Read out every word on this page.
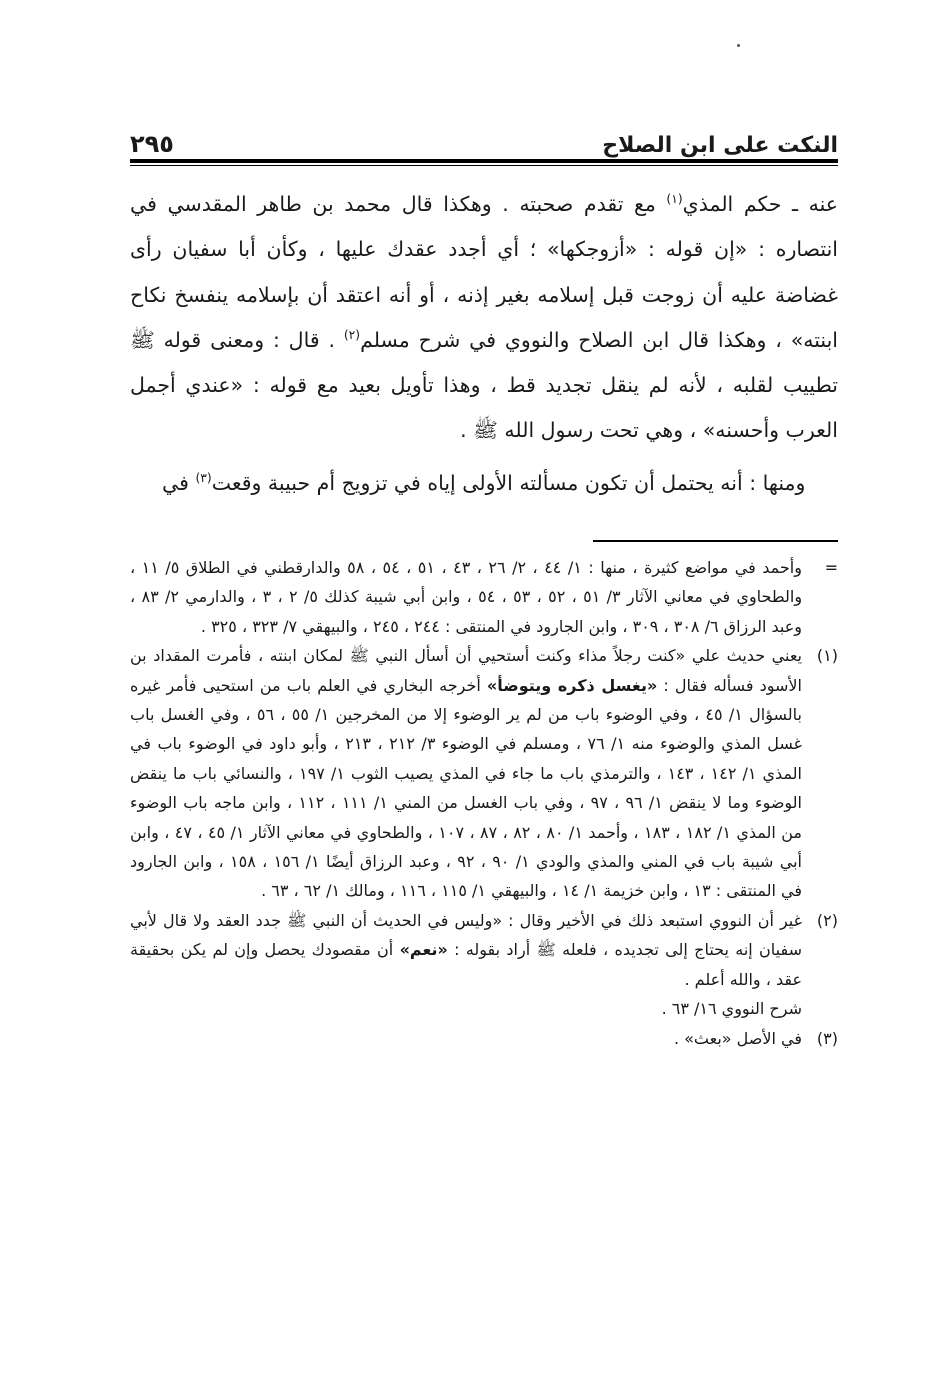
النكت على ابن الصلاح
٢٩٥

عنه ـ حكم المذي$^{(١)}$ مع تقدم صحبته . وهكذا قال محمد بن طاهر المقدسي في انتصاره : «إن قوله : «أزوجكها» ؛ أي أجدد عقدك عليها ، وكأن أبا سفيان رأى غضاضة عليه أن زوجت قبل إسلامه بغير إذنه ، أو أنه اعتقد أن بإسلامه ينفسخ نكاح ابنته» ، وهكذا قال ابن الصلاح والنووي في شرح مسلم$^{(٢)}$ . قال : ومعنى قوله ﷺ تطييب لقلبه ، لأنه لم ينقل تجديد قط ، وهذا تأويل بعيد مع قوله : «عندي أجمل العرب وأحسنه» ، وهي تحت رسول الله ﷺ .

ومنها : أنه يحتمل أن تكون مسألته الأولى إياه في تزويج أم حبيبة وقعت$^{(٣)}$ في

=
وأحمد في مواضع كثيرة ، منها : ١/ ٤٤ ، ٢/ ٢٦ ، ٤٣ ، ٥١ ، ٥٤ ، ٥٨ والدارقطني في الطلاق ٥/ ١١ ، والطحاوي في معاني الآثار ٣/ ٥١ ، ٥٢ ، ٥٣ ، ٥٤ ، وابن أبي شيبة كذلك ٥/ ٢ ، ٣ ، والدارمي ٢/ ٨٣ ، وعبد الرزاق ٦/ ٣٠٨ ، ٣٠٩ ، وابن الجارود في المنتقى : ٢٤٤ ، ٢٤٥ ، والبيهقي ٧/ ٣٢٣ ، ٣٢٥ .
(١)
يعني حديث علي «كنت رجلاً مذاء وكنت أستحيي أن أسأل النبي ﷺ لمكان ابنته ، فأمرت المقداد بن الأسود فسأله فقال : «يغسل ذكره ويتوضأ» أخرجه البخاري في العلم باب من استحيى فأمر غيره بالسؤال ١/ ٤٥ ، وفي الوضوء باب من لم ير الوضوء إلا من المخرجين ١/ ٥٥ ، ٥٦ ، وفي الغسل باب غسل المذي والوضوء منه ١/ ٧٦ ، ومسلم في الوضوء ٣/ ٢١٢ ، ٢١٣ ، وأبو داود في الوضوء باب في المذي ١/ ١٤٢ ، ١٤٣ ، والترمذي باب ما جاء في المذي يصيب الثوب ١/ ١٩٧ ، والنسائي باب ما ينقض الوضوء وما لا ينقض ١/ ٩٦ ، ٩٧ ، وفي باب الغسل من المني ١/ ١١١ ، ١١٢ ، وابن ماجه باب الوضوء من المذي ١/ ١٨٢ ، ١٨٣ ، وأحمد ١/ ٨٠ ، ٨٢ ، ٨٧ ، ١٠٧ ، والطحاوي في معاني الآثار ١/ ٤٥ ، ٤٧ ، وابن أبي شيبة باب في المني والمذي والودي ١/ ٩٠ ، ٩٢ ، وعبد الرزاق أيضًا ١/ ١٥٦ ، ١٥٨ ، وابن الجارود في المنتقى : ١٣ ، وابن خزيمة ١/ ١٤ ، والبيهقي ١/ ١١٥ ، ١١٦ ، ومالك ١/ ٦٢ ، ٦٣ .
(٢)
غير أن النووي استبعد ذلك في الأخير وقال : «وليس في الحديث أن النبي ﷺ جدد العقد ولا قال لأبي سفيان إنه يحتاج إلى تجديده ، فلعله ﷺ أراد بقوله : «نعم» أن مقصودك يحصل وإن لم يكن بحقيقة عقد ، والله أعلم .
شرح النووي ١٦/ ٦٣ .
(٣)
في الأصل «بعث» .
